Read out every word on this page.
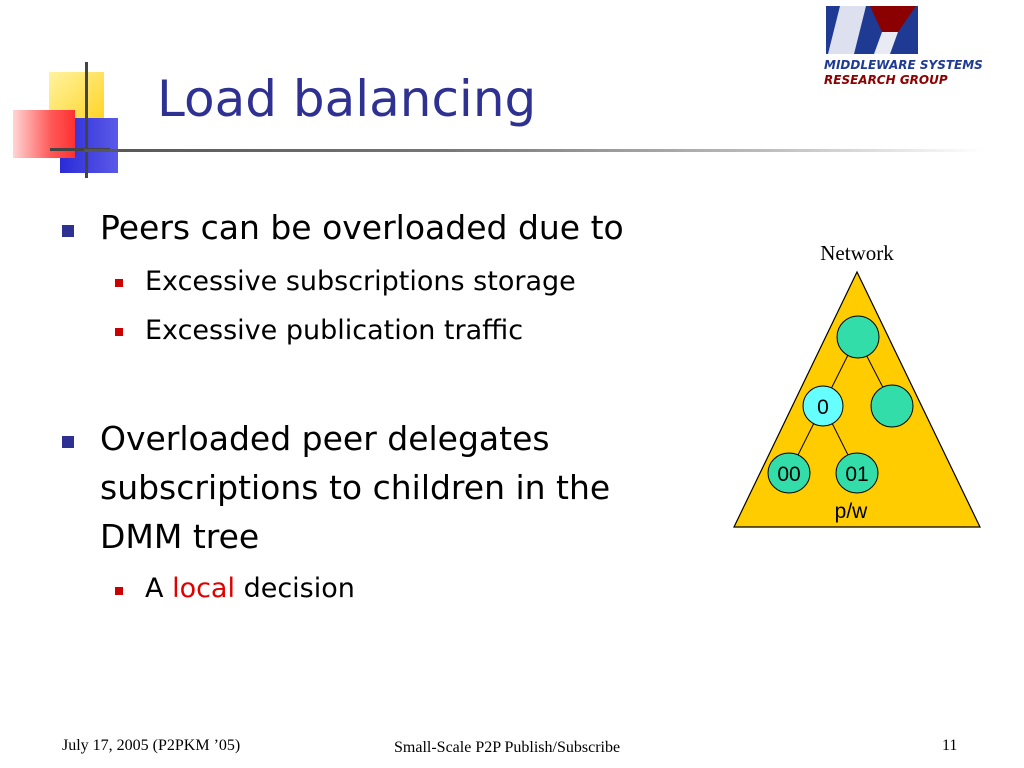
Load balancing
MIDDLEWARE SYSTEMS
RESEARCH GROUP
Peers can be overloaded due to
Excessive subscriptions storage
Excessive publication traffic
Overloaded peer delegates
subscriptions to children in the
DMM tree
A local decision
Network
0
00 01
p/w
July 17, 2005 (P2PKM ’05)	Small-Scale P2P Publish/Subscribe	11
